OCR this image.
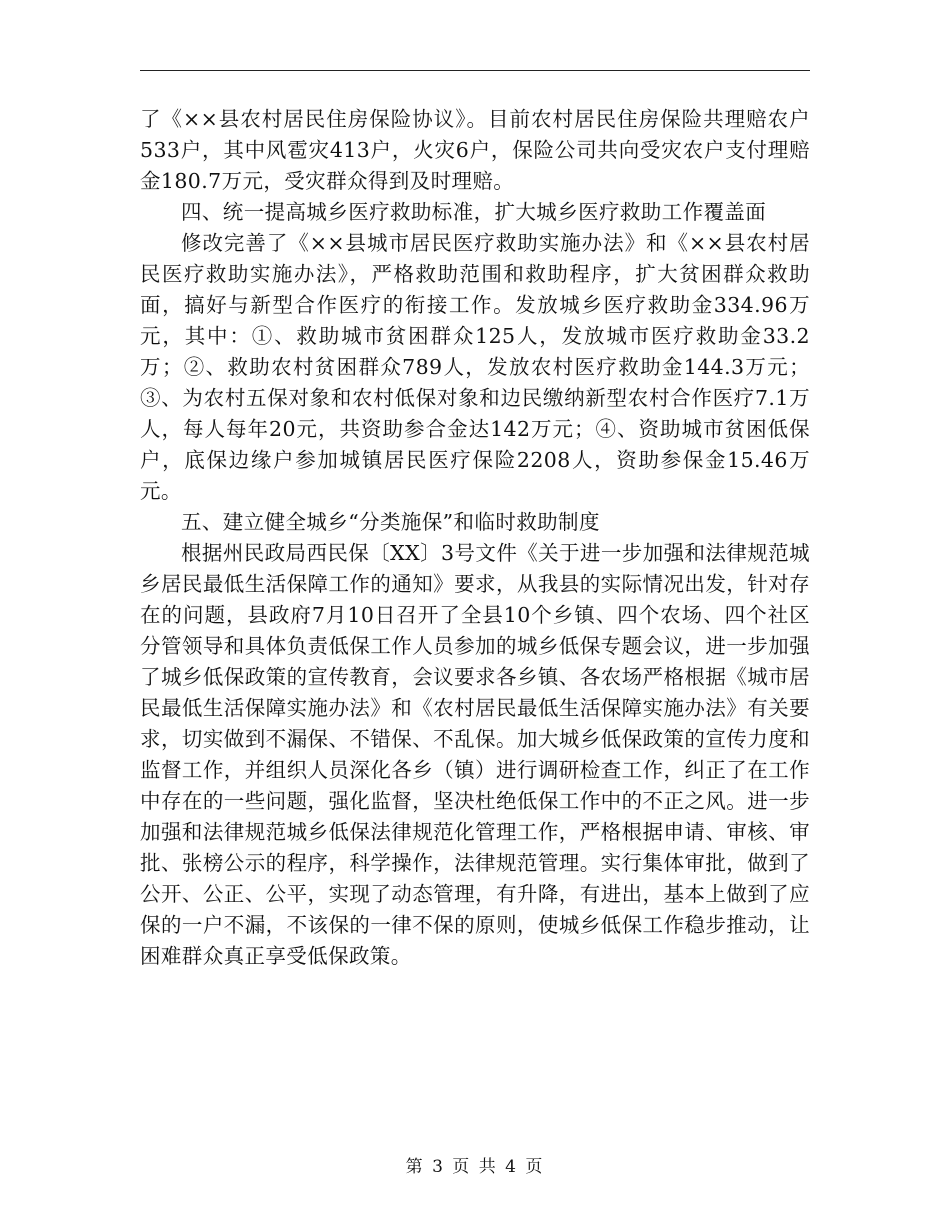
了《××县农村居民住房保险协议》。目前农村居民住房保险共理赔农户533户，其中风雹灾413户，火灾6户，保险公司共向受灾农户支付理赔金180.7万元，受灾群众得到及时理赔。

四、统一提高城乡医疗救助标准，扩大城乡医疗救助工作覆盖面

修改完善了《××县城市居民医疗救助实施办法》和《××县农村居民医疗救助实施办法》，严格救助范围和救助程序，扩大贫困群众救助面，搞好与新型合作医疗的衔接工作。发放城乡医疗救助金334.96万元，其中：①、救助城市贫困群众125人，发放城市医疗救助金33.2万；②、救助农村贫困群众789人，发放农村医疗救助金144.3万元；③、为农村五保对象和农村低保对象和边民缴纳新型农村合作医疗7.1万人，每人每年20元，共资助参合金达142万元；④、资助城市贫困低保户，底保边缘户参加城镇居民医疗保险2208人，资助参保金15.46万元。

五、建立健全城乡“分类施保”和临时救助制度

根据州民政局西民保〔XX〕3号文件《关于进一步加强和法律规范城乡居民最低生活保障工作的通知》要求，从我县的实际情况出发，针对存在的问题，县政府7月10日召开了全县10个乡镇、四个农场、四个社区分管领导和具体负责低保工作人员参加的城乡低保专题会议，进一步加强了城乡低保政策的宣传教育，会议要求各乡镇、各农场严格根据《城市居民最低生活保障实施办法》和《农村居民最低生活保障实施办法》有关要求，切实做到不漏保、不错保、不乱保。加大城乡低保政策的宣传力度和监督工作，并组织人员深化各乡（镇）进行调研检查工作，纠正了在工作中存在的一些问题，强化监督，坚决杜绝低保工作中的不正之风。进一步加强和法律规范城乡低保法律规范化管理工作，严格根据申请、审核、审批、张榜公示的程序，科学操作，法律规范管理。实行集体审批，做到了公开、公正、公平，实现了动态管理，有升降，有进出，基本上做到了应保的一户不漏，不该保的一律不保的原则，使城乡低保工作稳步推动，让困难群众真正享受低保政策。

第 3 页 共 4 页
